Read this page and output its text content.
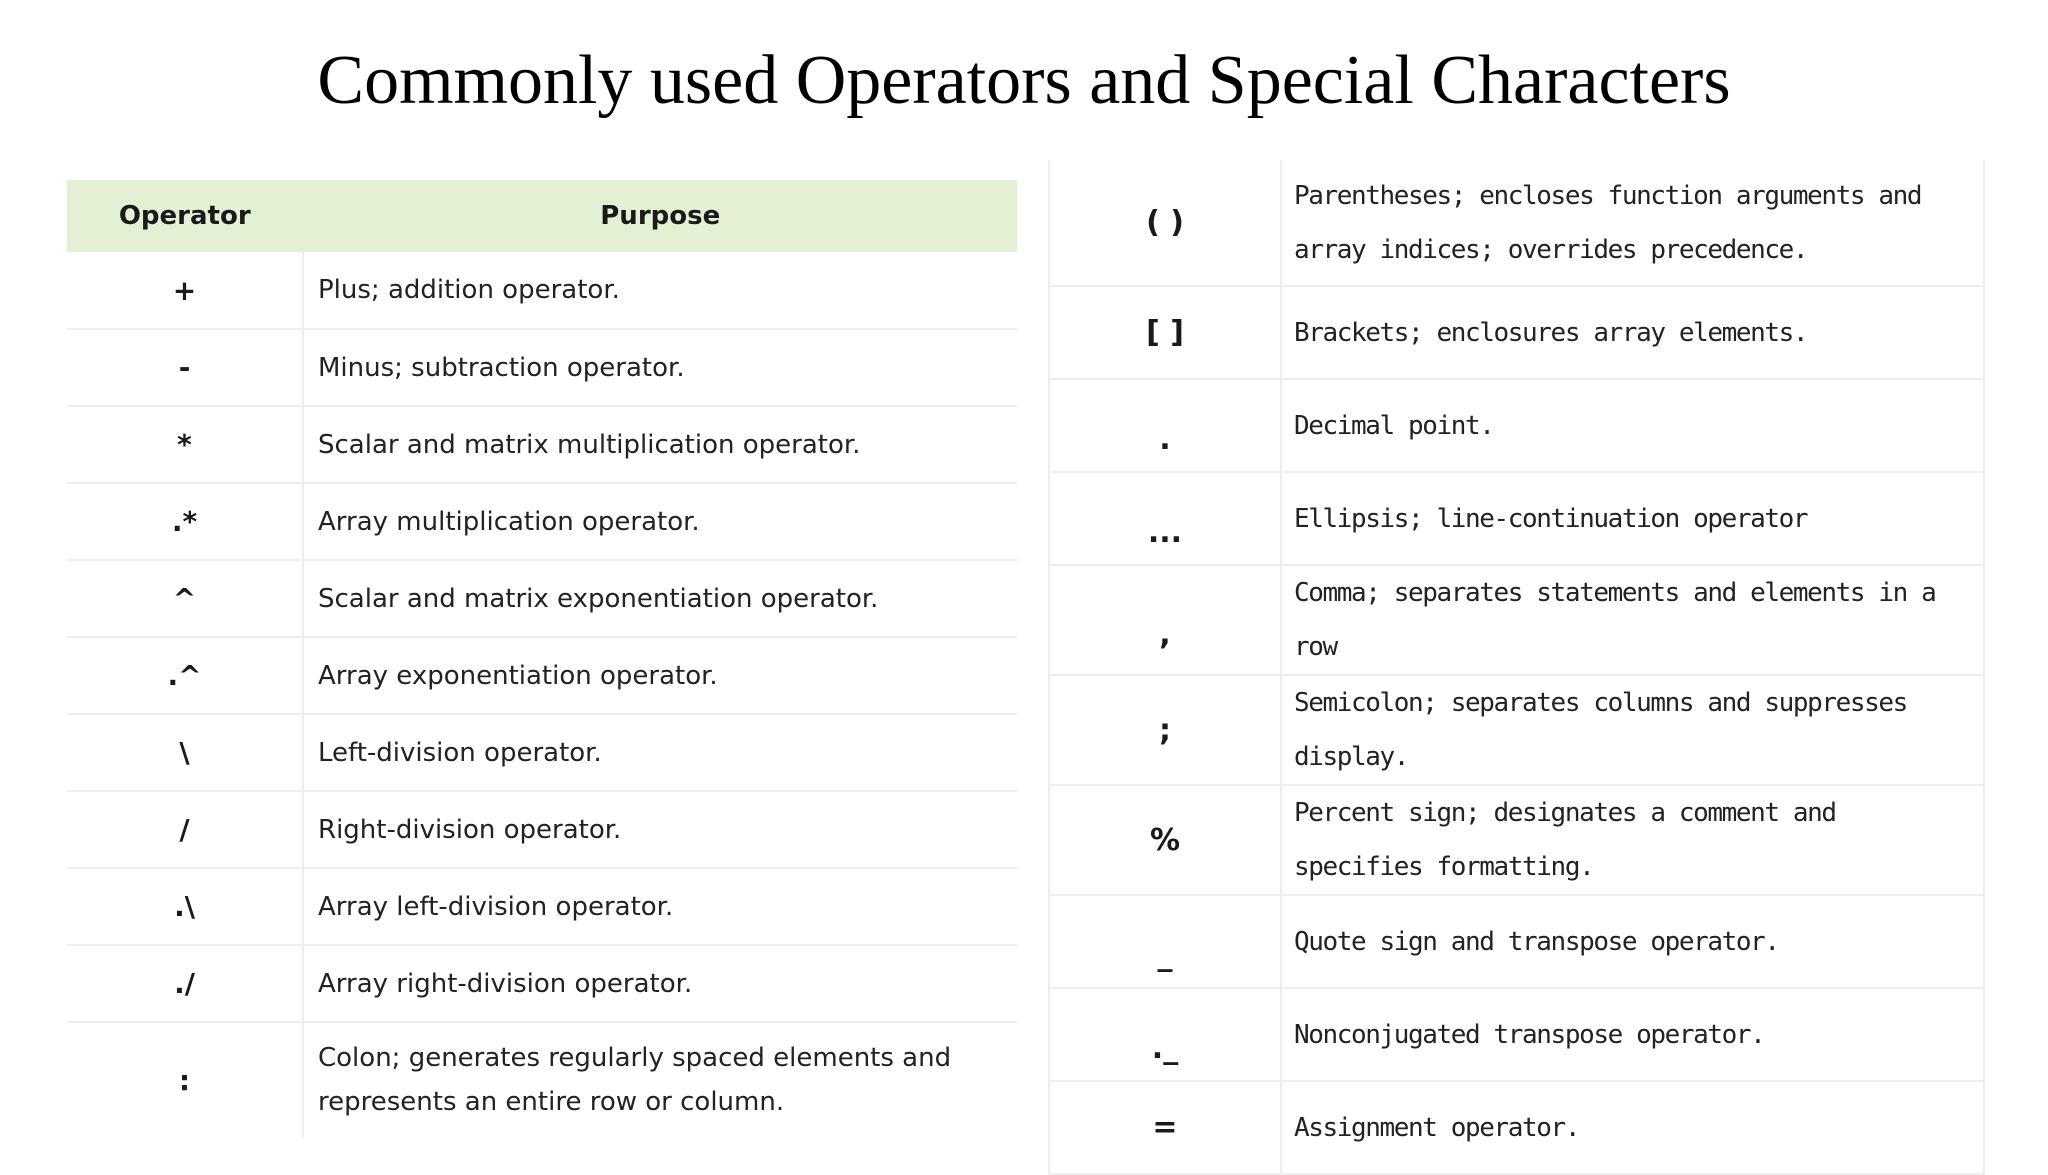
Commonly used Operators and Special Characters
Operator	Purpose
+	Plus; addition operator.
-	Minus; subtraction operator.
*	Scalar and matrix multiplication operator.
.*	Array multiplication operator.
^	Scalar and matrix exponentiation operator.
.^	Array exponentiation operator.
\	Left-division operator.
/	Right-division operator.
.\	Array left-division operator.
./	Array right-division operator.
:	Colon; generates regularly spaced elements and represents an entire row or column.
( )	Parentheses; encloses function arguments and array indices; overrides precedence.
[ ]	Brackets; enclosures array elements.
.	Decimal point.
...	Ellipsis; line-continuation operator
,	Comma; separates statements and elements in a row
;	Semicolon; separates columns and suppresses display.
%	Percent sign; designates a comment and specifies formatting.
_	Quote sign and transpose operator.
._	Nonconjugated transpose operator.
=	Assignment operator.
